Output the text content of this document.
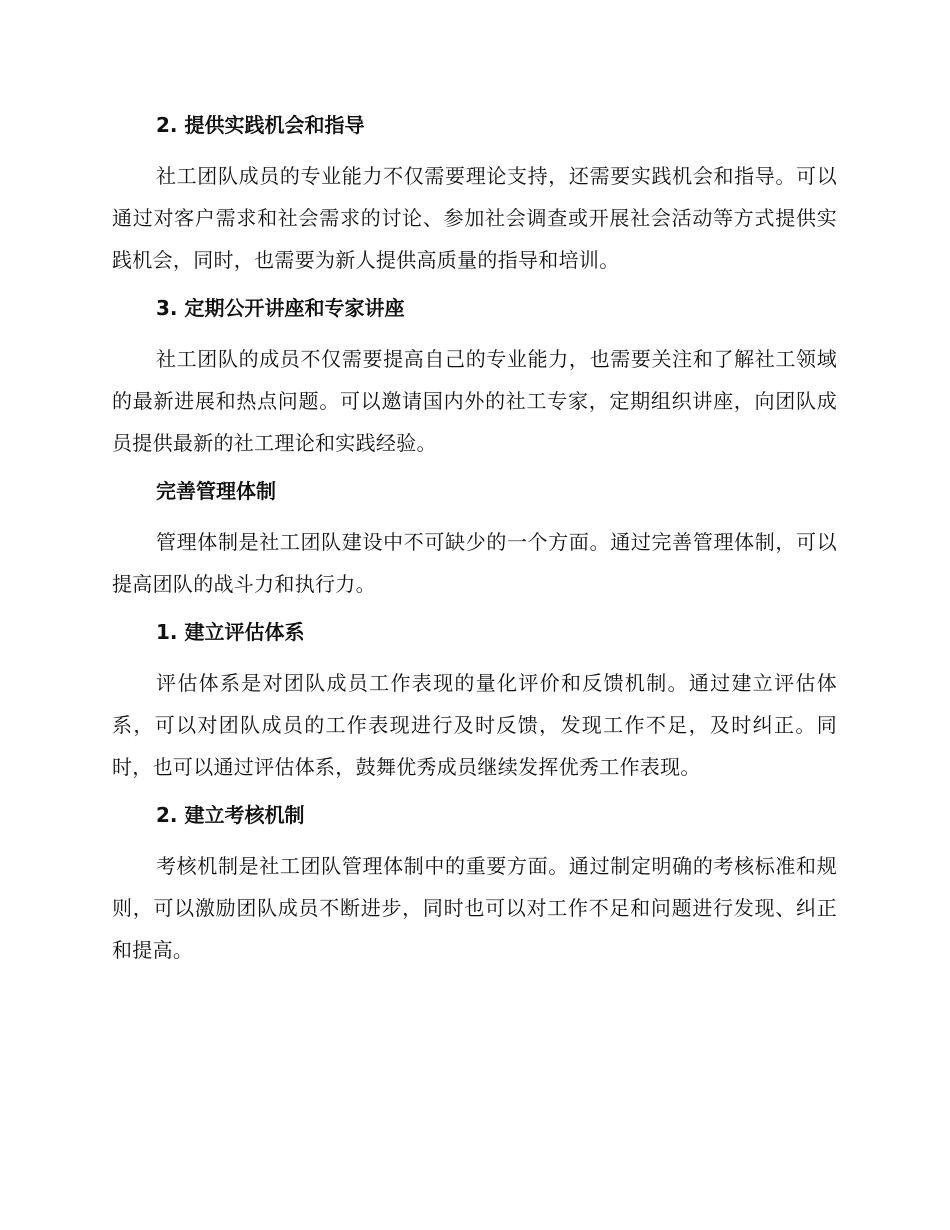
2. 提供实践机会和指导

社工团队成员的专业能力不仅需要理论支持，还需要实践机会和指导。可以通过对客户需求和社会需求的讨论、参加社会调查或开展社会活动等方式提供实践机会，同时，也需要为新人提供高质量的指导和培训。

3. 定期公开讲座和专家讲座

社工团队的成员不仅需要提高自己的专业能力，也需要关注和了解社工领域的最新进展和热点问题。可以邀请国内外的社工专家，定期组织讲座，向团队成员提供最新的社工理论和实践经验。

完善管理体制

管理体制是社工团队建设中不可缺少的一个方面。通过完善管理体制，可以提高团队的战斗力和执行力。

1. 建立评估体系

评估体系是对团队成员工作表现的量化评价和反馈机制。通过建立评估体系，可以对团队成员的工作表现进行及时反馈，发现工作不足，及时纠正。同时，也可以通过评估体系，鼓舞优秀成员继续发挥优秀工作表现。

2. 建立考核机制

考核机制是社工团队管理体制中的重要方面。通过制定明确的考核标准和规则，可以激励团队成员不断进步，同时也可以对工作不足和问题进行发现、纠正和提高。
